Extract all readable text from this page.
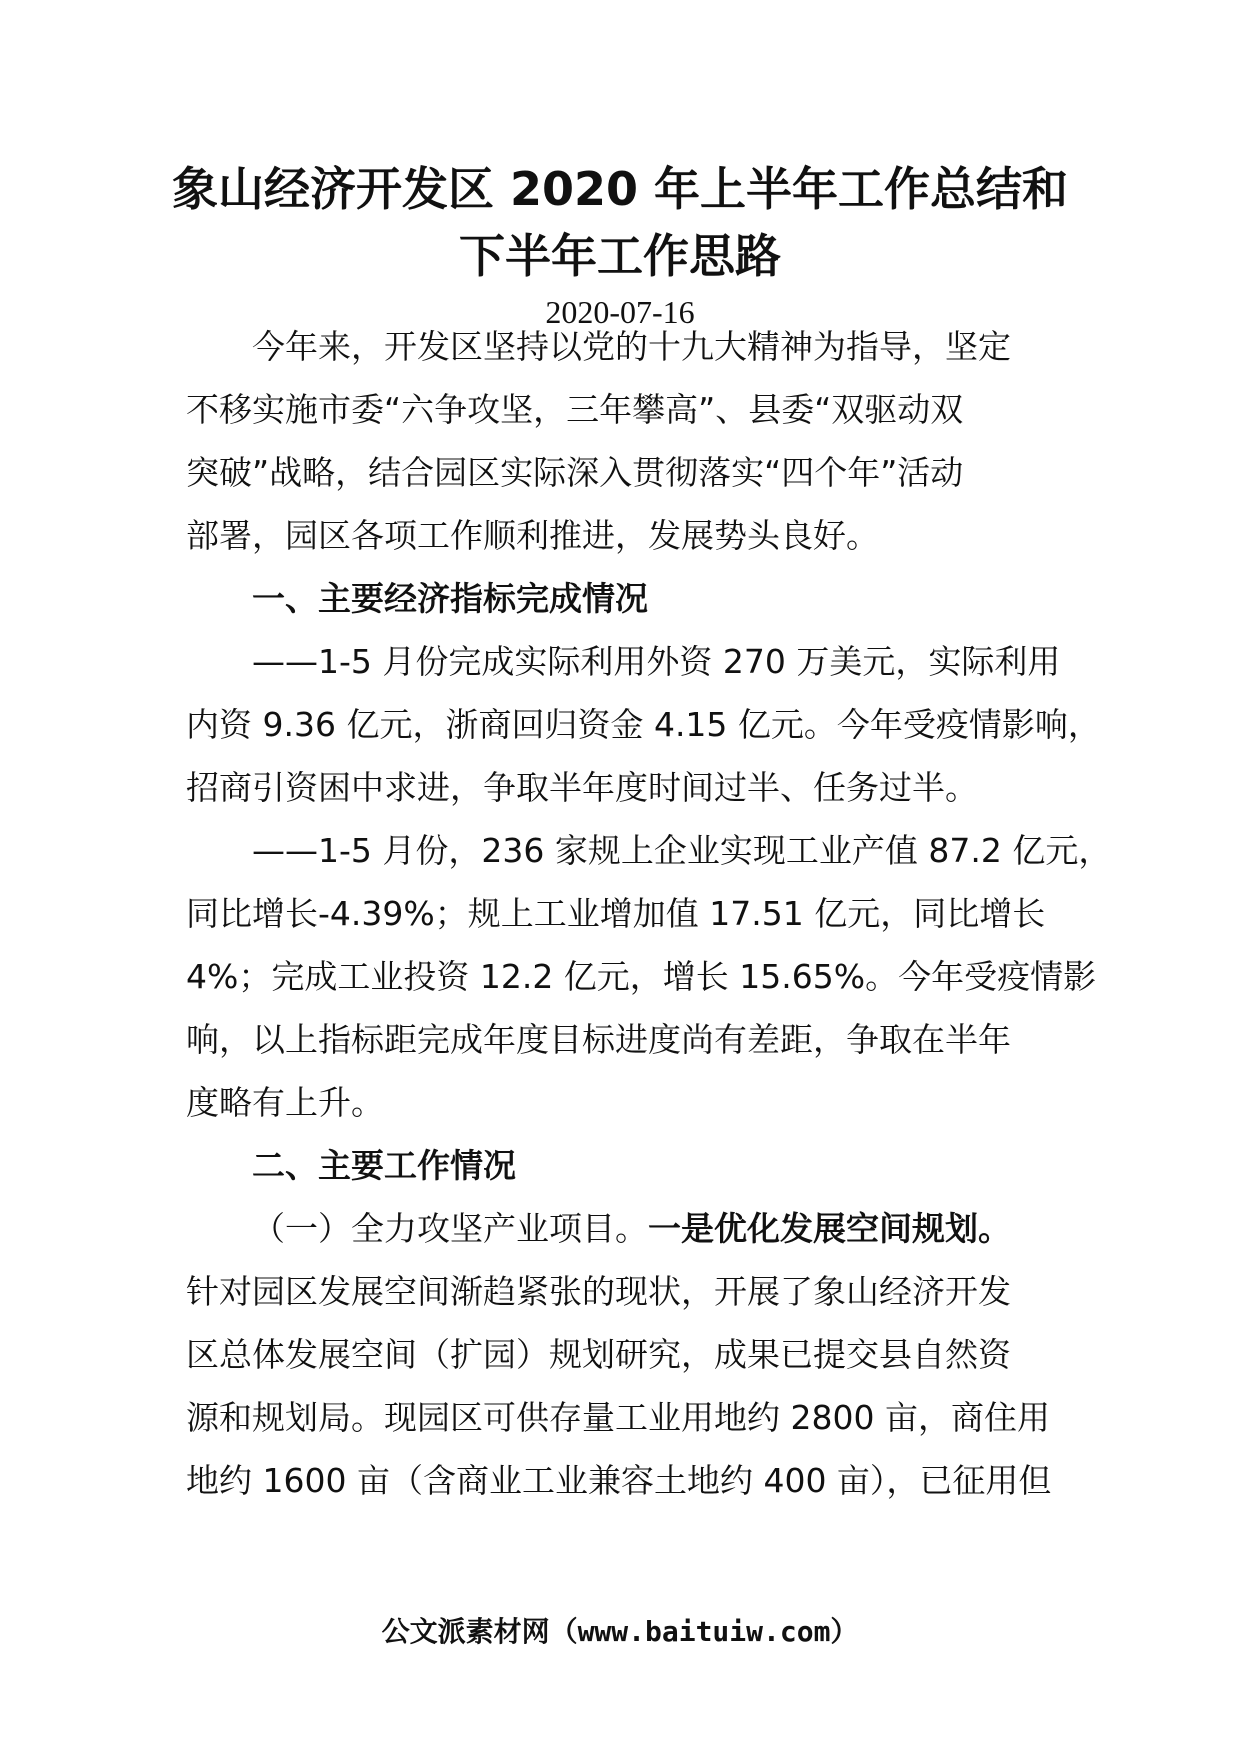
象山经济开发区 2020 年上半年工作总结和
下半年工作思路
2020-07-16
今年来，开发区坚持以党的十九大精神为指导，坚定
不移实施市委“六争攻坚，三年攀高”、县委“双驱动双
突破”战略，结合园区实际深入贯彻落实“四个年”活动
部署，园区各项工作顺利推进，发展势头良好。
一、主要经济指标完成情况
——1-5 月份完成实际利用外资 270 万美元，实际利用
内资 9.36 亿元，浙商回归资金 4.15 亿元。今年受疫情影响，
招商引资困中求进，争取半年度时间过半、任务过半。
——1-5 月份，236 家规上企业实现工业产值 87.2 亿元，
同比增长-4.39%；规上工业增加值 17.51 亿元，同比增长
4%；完成工业投资 12.2 亿元，增长 15.65%。今年受疫情影
响，以上指标距完成年度目标进度尚有差距，争取在半年
度略有上升。
二、主要工作情况
（一）全力攻坚产业项目。一是优化发展空间规划。
针对园区发展空间渐趋紧张的现状，开展了象山经济开发
区总体发展空间（扩园）规划研究，成果已提交县自然资
源和规划局。现园区可供存量工业用地约 2800 亩，商住用
地约 1600 亩（含商业工业兼容土地约 400 亩），已征用但
公文派素材网（www.baituiw.com）
